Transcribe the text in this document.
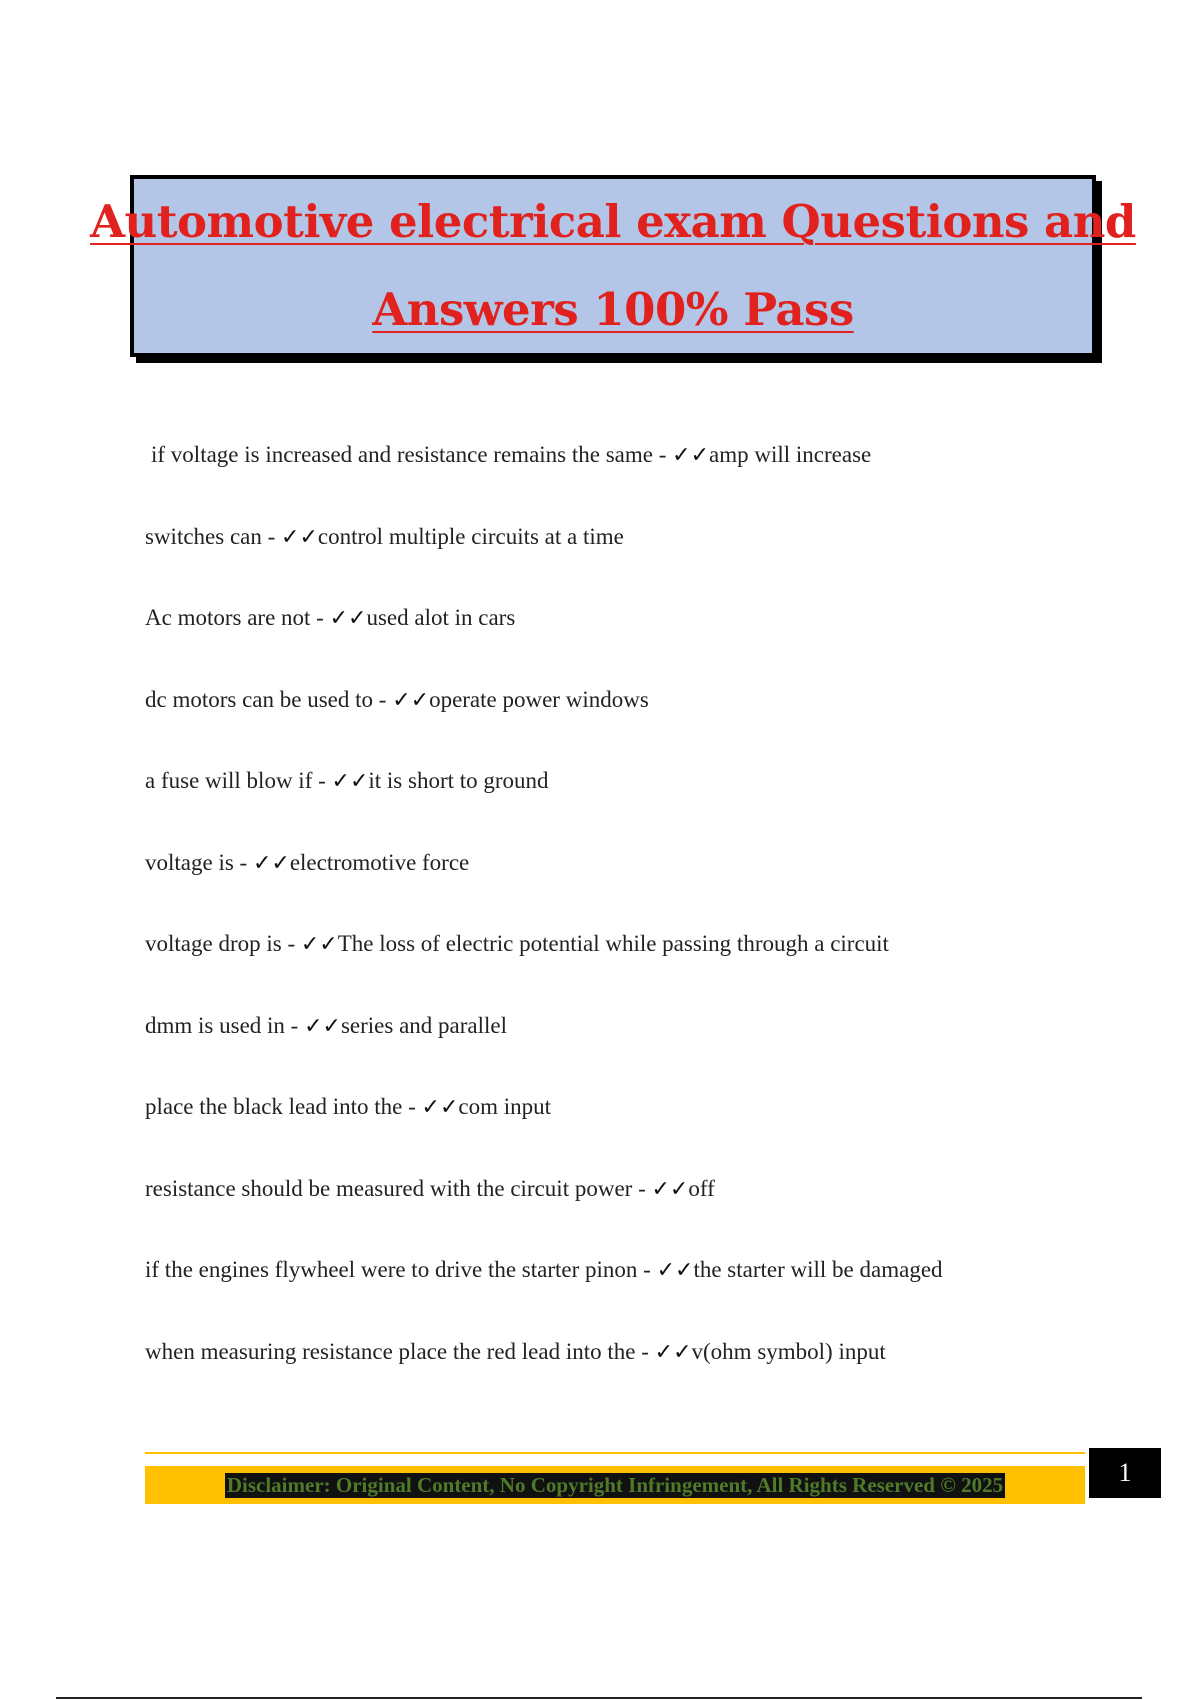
Automotive electrical exam Questions and
Answers 100% Pass
if voltage is increased and resistance remains the same - ✓✓amp will increase
switches can - ✓✓control multiple circuits at a time
Ac motors are not - ✓✓used alot in cars
dc motors can be used to - ✓✓operate power windows
a fuse will blow if - ✓✓it is short to ground
voltage is - ✓✓electromotive force
voltage drop is - ✓✓The loss of electric potential while passing through a circuit
dmm is used in - ✓✓series and parallel
place the black lead into the - ✓✓com input
resistance should be measured with the circuit power - ✓✓off
if the engines flywheel were to drive the starter pinon - ✓✓the starter will be damaged
when measuring resistance place the red lead into the - ✓✓v(ohm symbol) input
Disclaimer: Original Content, No Copyright Infringement, All Rights Reserved © 2025	1
